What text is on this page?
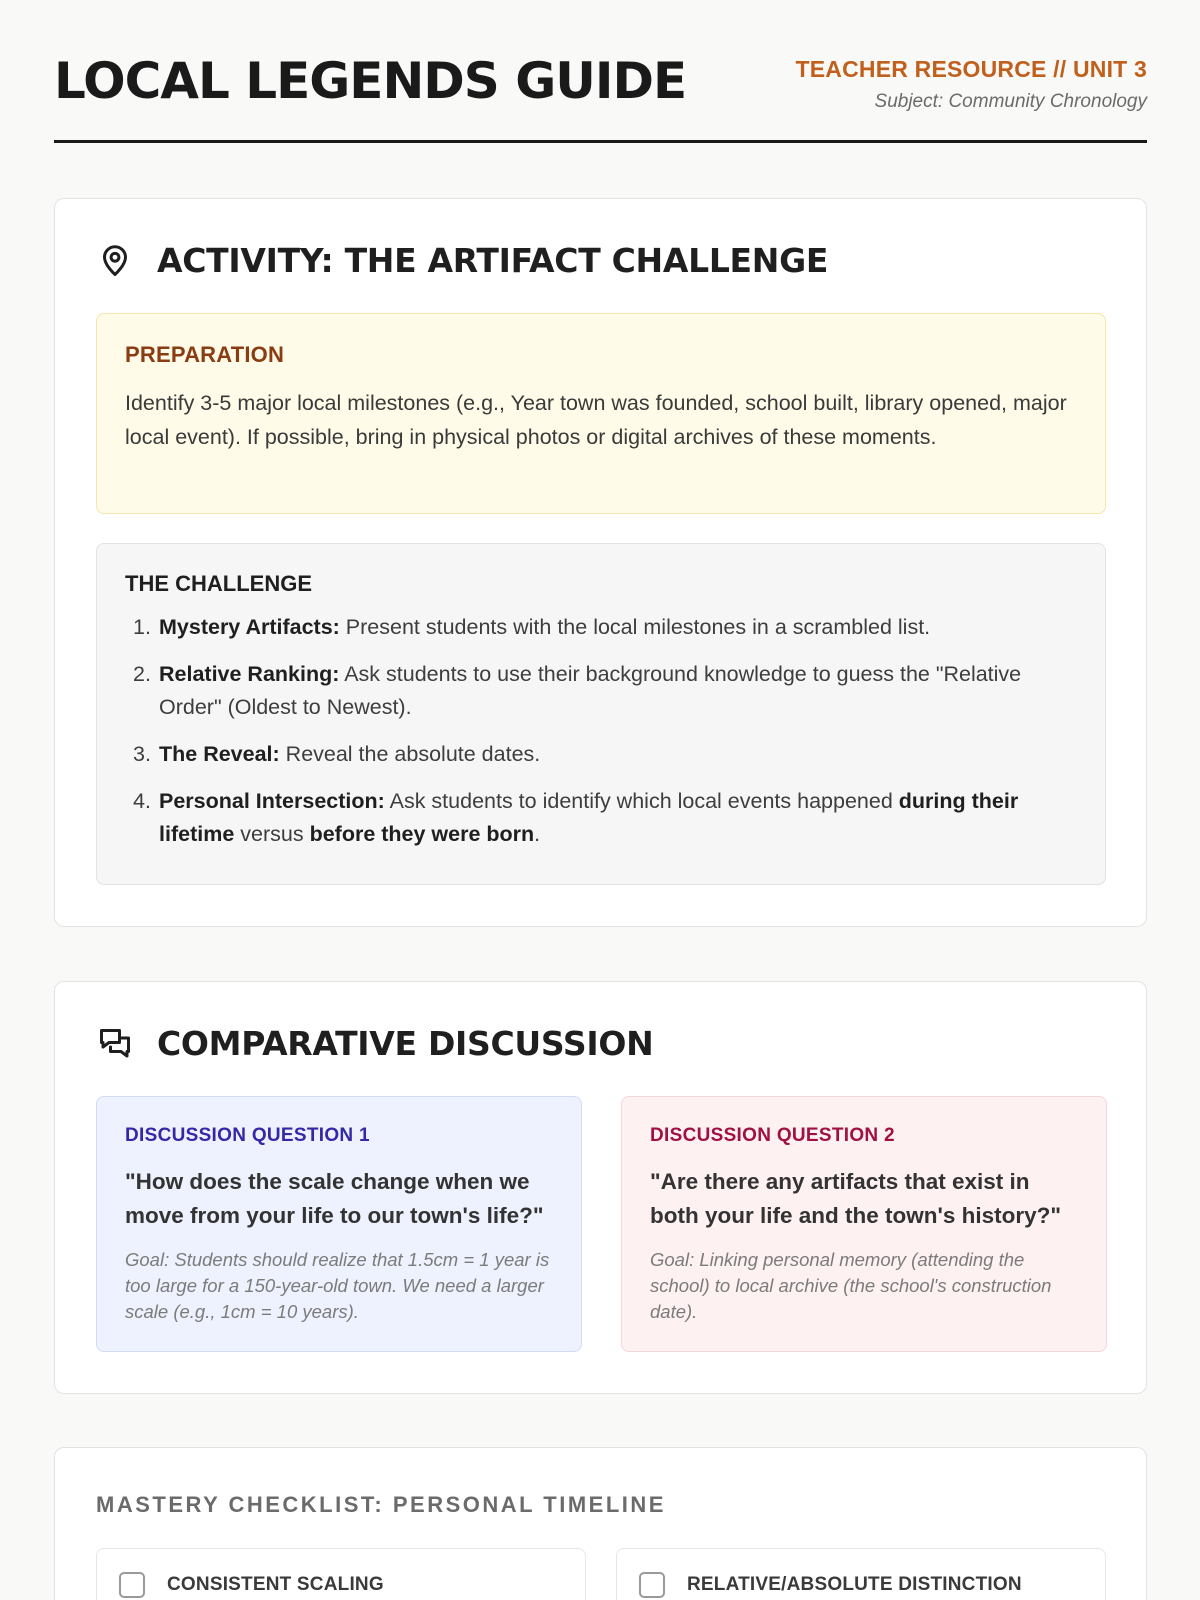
LOCAL LEGENDS GUIDE	TEACHER RESOURCE // UNIT 3
Subject: Community Chronology
ACTIVITY: THE ARTIFACT CHALLENGE
PREPARATION

Identify 3-5 major local milestones (e.g., Year town was founded, school built, library opened, major local event). If possible, bring in physical photos or digital archives of these moments.

THE CHALLENGE
1. Mystery Artifacts: Present students with the local milestones in a scrambled list.
2. Relative Ranking: Ask students to use their background knowledge to guess the "Relative Order" (Oldest to Newest).
3. The Reveal: Reveal the absolute dates.
4. Personal Intersection: Ask students to identify which local events happened during their lifetime versus before they were born.
COMPARATIVE DISCUSSION
DISCUSSION QUESTION 1

"How does the scale change when we move from your life to our town's life?"

Goal: Students should realize that 1.5cm = 1 year is too large for a 150-year-old town. We need a larger scale (e.g., 1cm = 10 years).

DISCUSSION QUESTION 2

"Are there any artifacts that exist in both your life and the town's history?"

Goal: Linking personal memory (attending the school) to local archive (the school's construction date).

MASTERY CHECKLIST: PERSONAL TIMELINE
CONSISTENT SCALING	RELATIVE/ABSOLUTE DISTINCTION
